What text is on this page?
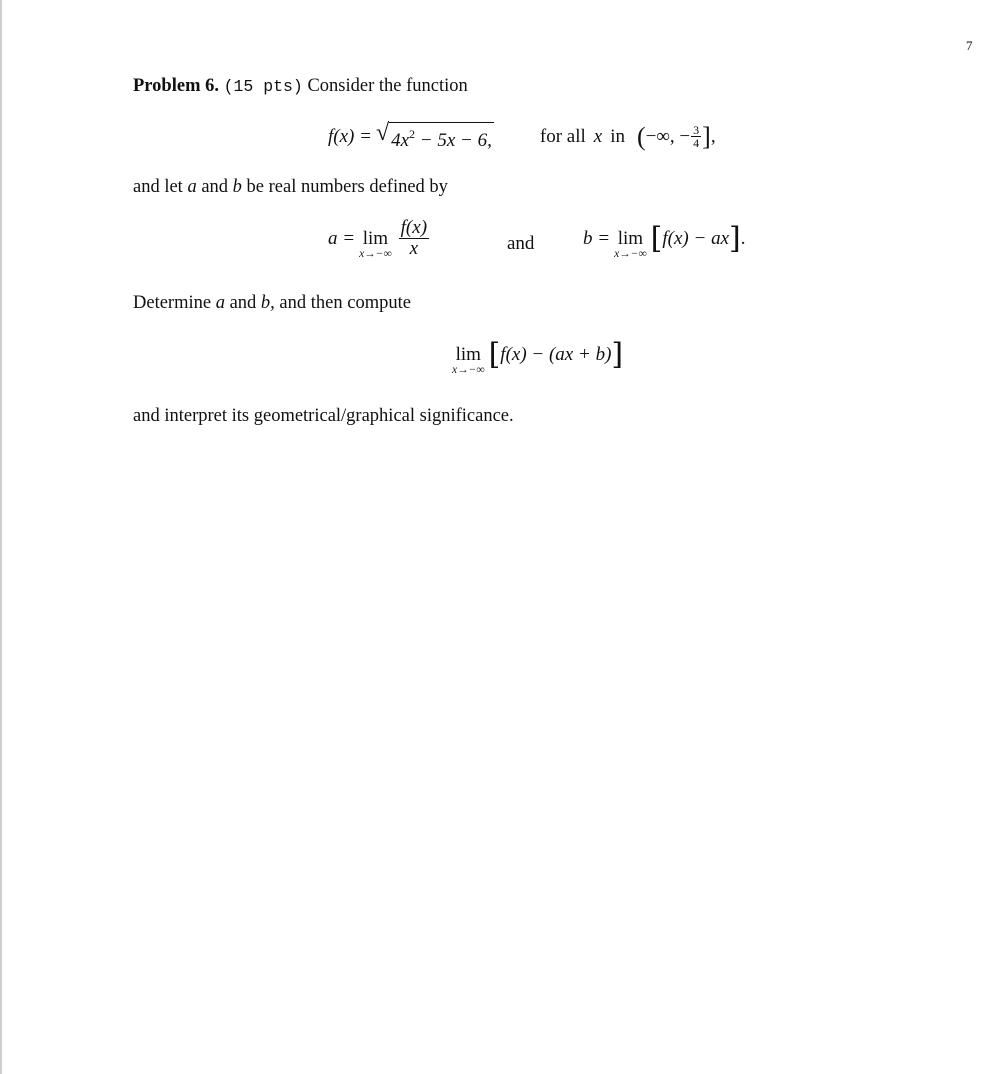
7
Problem 6. (15 pts) Consider the function
f(x) = √ $4x^2 - 5x - 6$,	for all x in ( −∞, − $\frac{3}{4}$ ] ,
and let a and b be real numbers defined by
a = lim
$x\to-\infty \frac{f(x)}{x}$	and	b = lim
x→−∞ [ f(x) − ax ] .
Determine a and b, and then compute
lim
x→−∞ [ f(x) − (ax + b) ]
and interpret its geometrical/graphical significance.
